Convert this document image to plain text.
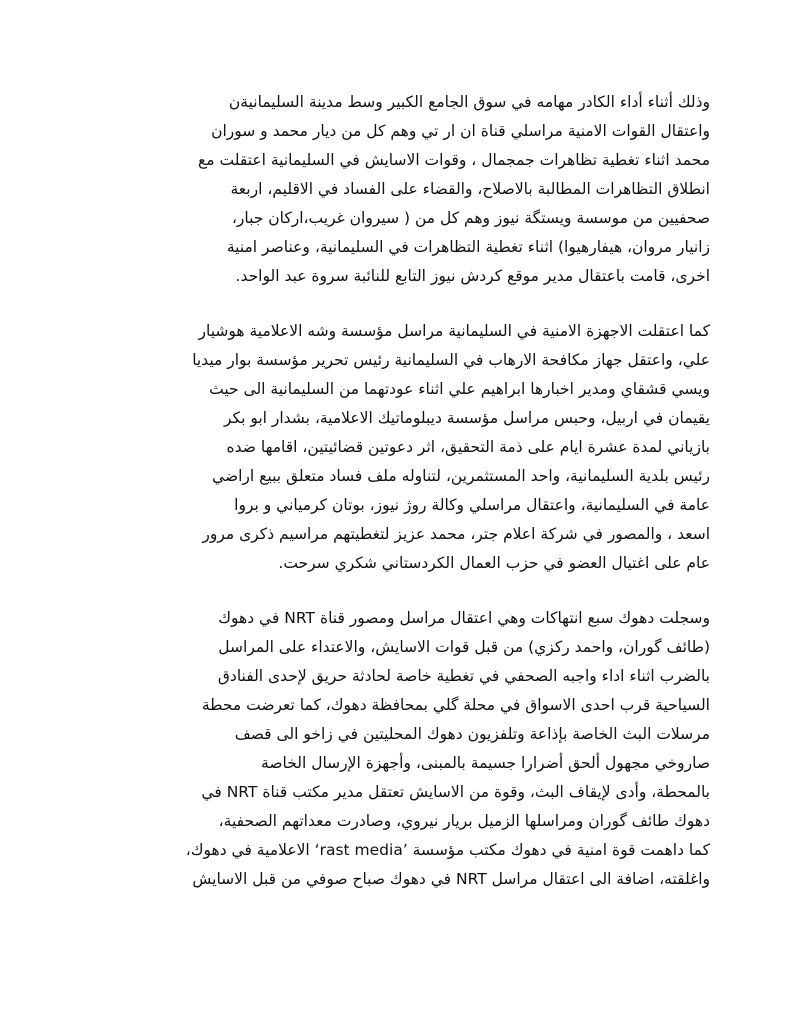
وذلك أثناء أداء الكادر مهامه في سوق الجامع الكبير وسط مدينة السليمانيةن
واعتقال القوات الامنية مراسلي قناة ان ار تي وهم كل من ديار محمد و سوران
محمد اثناء تغطية تظاهرات جمجمال ، وقوات الاسايش في السليمانية اعتقلت مع
انطلاق التظاهرات المطالبة بالاصلاح، والقضاء على الفساد في الاقليم، اربعة
صحفيين من موسسة ويستگة نيوز وهم كل من ( سيروان غريب،اركان جبار،
زانيار مروان، هيفارهيوا) اثناء تغطية التظاهرات في السليمانية، وعناصر امنية
اخرى، قامت باعتقال مدير موقع كردش نيوز التابع للنائبة سروة عبد الواحد.

كما اعتقلت الاجهزة الامنية في السليمانية مراسل مؤسسة وشه الاعلامية هوشيار
علي، واعتقل جهاز مكافحة الارهاب في السليمانية رئيس تحرير مؤسسة بوار ميديا
ويسي قشقاي ومدير اخبارها ابراهيم علي اثناء عودتهما من السليمانية الى حيث
يقيمان في اربيل، وحبس مراسل مؤسسة ديبلوماتيك الاعلامية، بشدار ابو بكر
بازياني لمدة عشرة ايام على ذمة التحقيق، اثر دعوتين قضائيتين، اقامها ضده
رئيس بلدية السليمانية، واحد المستثمرين، لتناوله ملف فساد متعلق ببيع اراضي
عامة في السليمانية، واعتقال مراسلي وكالة روژ نيوز، بوتان كرمياني و بروا
اسعد ، والمصور في شركة اعلام جتر، محمد عزيز لتغطيتهم مراسيم ذكرى مرور
عام على اغتيال العضو في حزب العمال الكردستاني شكري سرحت.

وسجلت دهوك سبع انتهاكات وهي اعتقال مراسل ومصور قناة NRT في دهوك
(طائف گوران، واحمد ركزي) من قبل قوات الاسايش، والاعتداء على المراسل
بالضرب اثناء اداء واجبه الصحفي في تغطية خاصة لحادثة حريق لإحدى الفنادق
السياحية قرب احدى الاسواق في محلة گلي بمحافظة دهوك، كما تعرضت محطة
مرسلات البث الخاصة بإذاعة وتلفزيون دهوك المحليتين في زاخو الى قصف
صاروخي مجهول ألحق أضرارا جسيمة بالمبنى، وأجهزة الإرسال الخاصة
بالمحطة، وأدى لإيقاف البث، وقوة من الاسايش تعتقل مدير مكتب قناة NRT في
دهوك طائف گوران ومراسلها الزميل بريار نيروي، وصادرت معداتهم الصحفية،
كما داهمت قوة امنية في دهوك مكتب مؤسسة ’rast media‘ الاعلامية في دهوك،
واغلقته، اضافة الى اعتقال مراسل NRT في دهوك صباح صوفي من قبل الاسايش
